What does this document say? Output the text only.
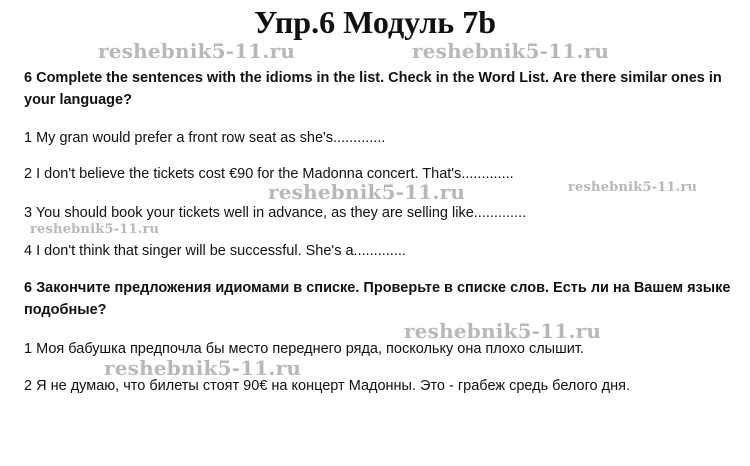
Упр.6 Модуль 7b
reshebnik5-11.ru	reshebnik5-11.ru
6 Complete the sentences with the idioms in the list. Check in the Word List. Are there similar ones in your language?
1 My gran would prefer a front row seat as she's.............
2 I don't believe the tickets cost €90 for the Madonna concert. That's.............
reshebnik5-11.ru	reshebnik5-11.ru
3 You should book your tickets well in advance, as they are selling like.............
reshebnik5-11.ru
4 I don't think that singer will be successful. She's a.............
6 Закончите предложения идиомами в списке. Проверьте в списке слов. Есть ли на Вашем языке подобные?
reshebnik5-11.ru
1 Моя бабушка предпочла бы место переднего ряда, поскольку она плохо слышит.
reshebnik5-11.ru
2 Я не думаю, что билеты стоят 90€ на концерт Мадонны. Это - грабеж средь белого дня.
